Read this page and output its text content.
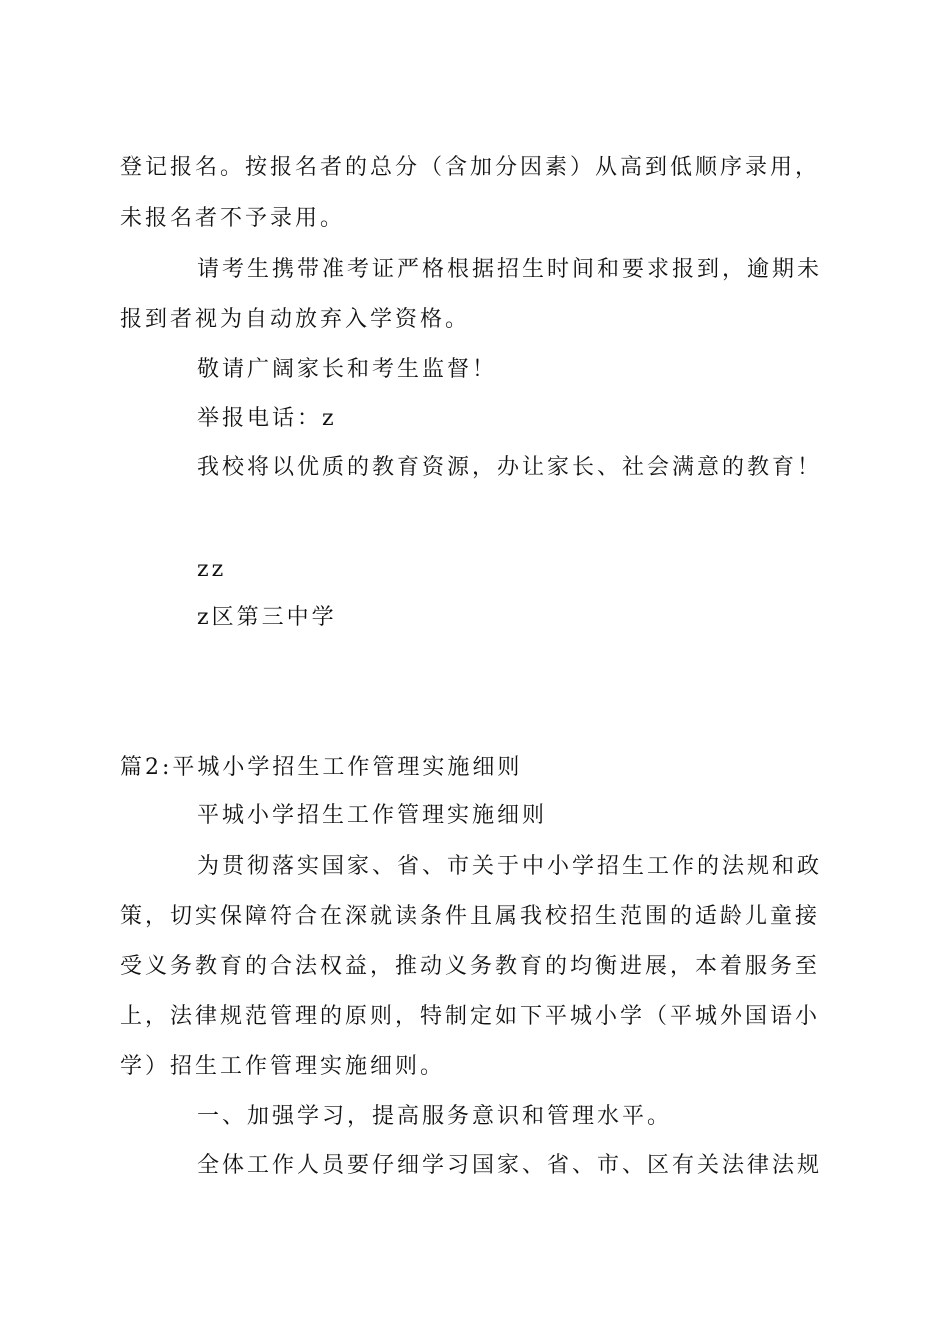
登记报名。按报名者的总分（含加分因素）从高到低顺序录用，
未报名者不予录用。
请考生携带准考证严格根据招生时间和要求报到，逾期未
报到者视为自动放弃入学资格。
敬请广阔家长和考生监督！
举报电话：z
我校将以优质的教育资源，办让家长、社会满意的教育！
zz
z区第三中学
篇2:平城小学招生工作管理实施细则
平城小学招生工作管理实施细则
为贯彻落实国家、省、市关于中小学招生工作的法规和政
策，切实保障符合在深就读条件且属我校招生范围的适龄儿童接
受义务教育的合法权益，推动义务教育的均衡进展，本着服务至
上，法律规范管理的原则，特制定如下平城小学（平城外国语小
学）招生工作管理实施细则。
一、加强学习，提高服务意识和管理水平。
全体工作人员要仔细学习国家、省、市、区有关法律法规
